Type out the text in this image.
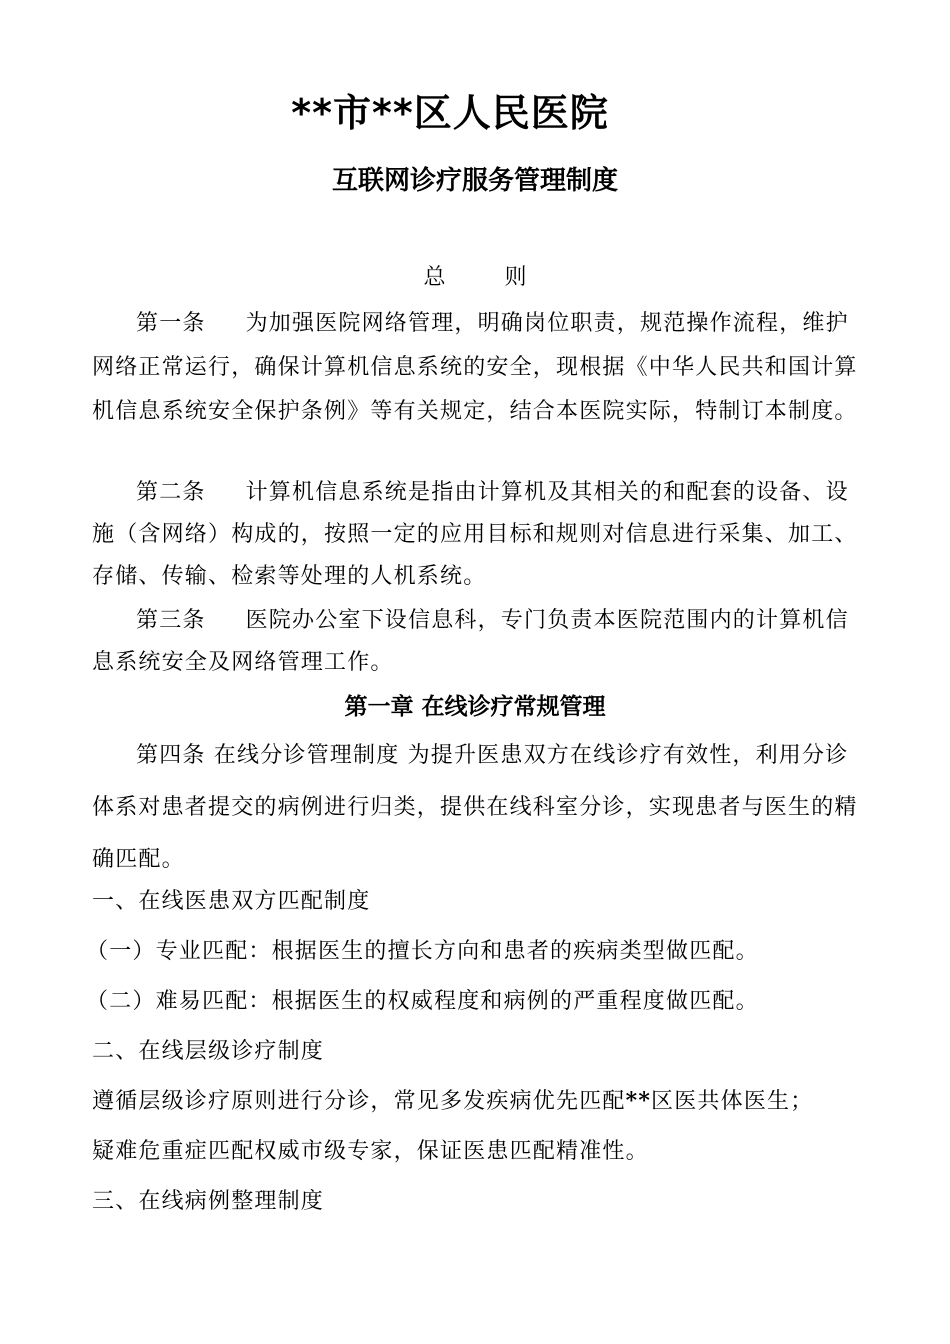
**市**区人民医院
互联网诊疗服务管理制度
总 则

第一条 为加强医院网络管理，明确岗位职责，规范操作流程，维护网络正常运行，确保计算机信息系统的安全，现根据《中华人民共和国计算机信息系统安全保护条例》等有关规定，结合本医院实际，特制订本制度。

第二条 计算机信息系统是指由计算机及其相关的和配套的设备、设施（含网络）构成的，按照一定的应用目标和规则对信息进行采集、加工、存储、传输、检索等处理的人机系统。

第三条 医院办公室下设信息科，专门负责本医院范围内的计算机信息系统安全及网络管理工作。

第一章 在线诊疗常规管理

第四条 在线分诊管理制度 为提升医患双方在线诊疗有效性，利用分诊体系对患者提交的病例进行归类，提供在线科室分诊，实现患者与医生的精确匹配。

一、在线医患双方匹配制度
（一）专业匹配：根据医生的擅长方向和患者的疾病类型做匹配。
（二）难易匹配：根据医生的权威程度和病例的严重程度做匹配。
二、在线层级诊疗制度
遵循层级诊疗原则进行分诊，常见多发疾病优先匹配**区医共体医生；
疑难危重症匹配权威市级专家，保证医患匹配精准性。
三、在线病例整理制度
